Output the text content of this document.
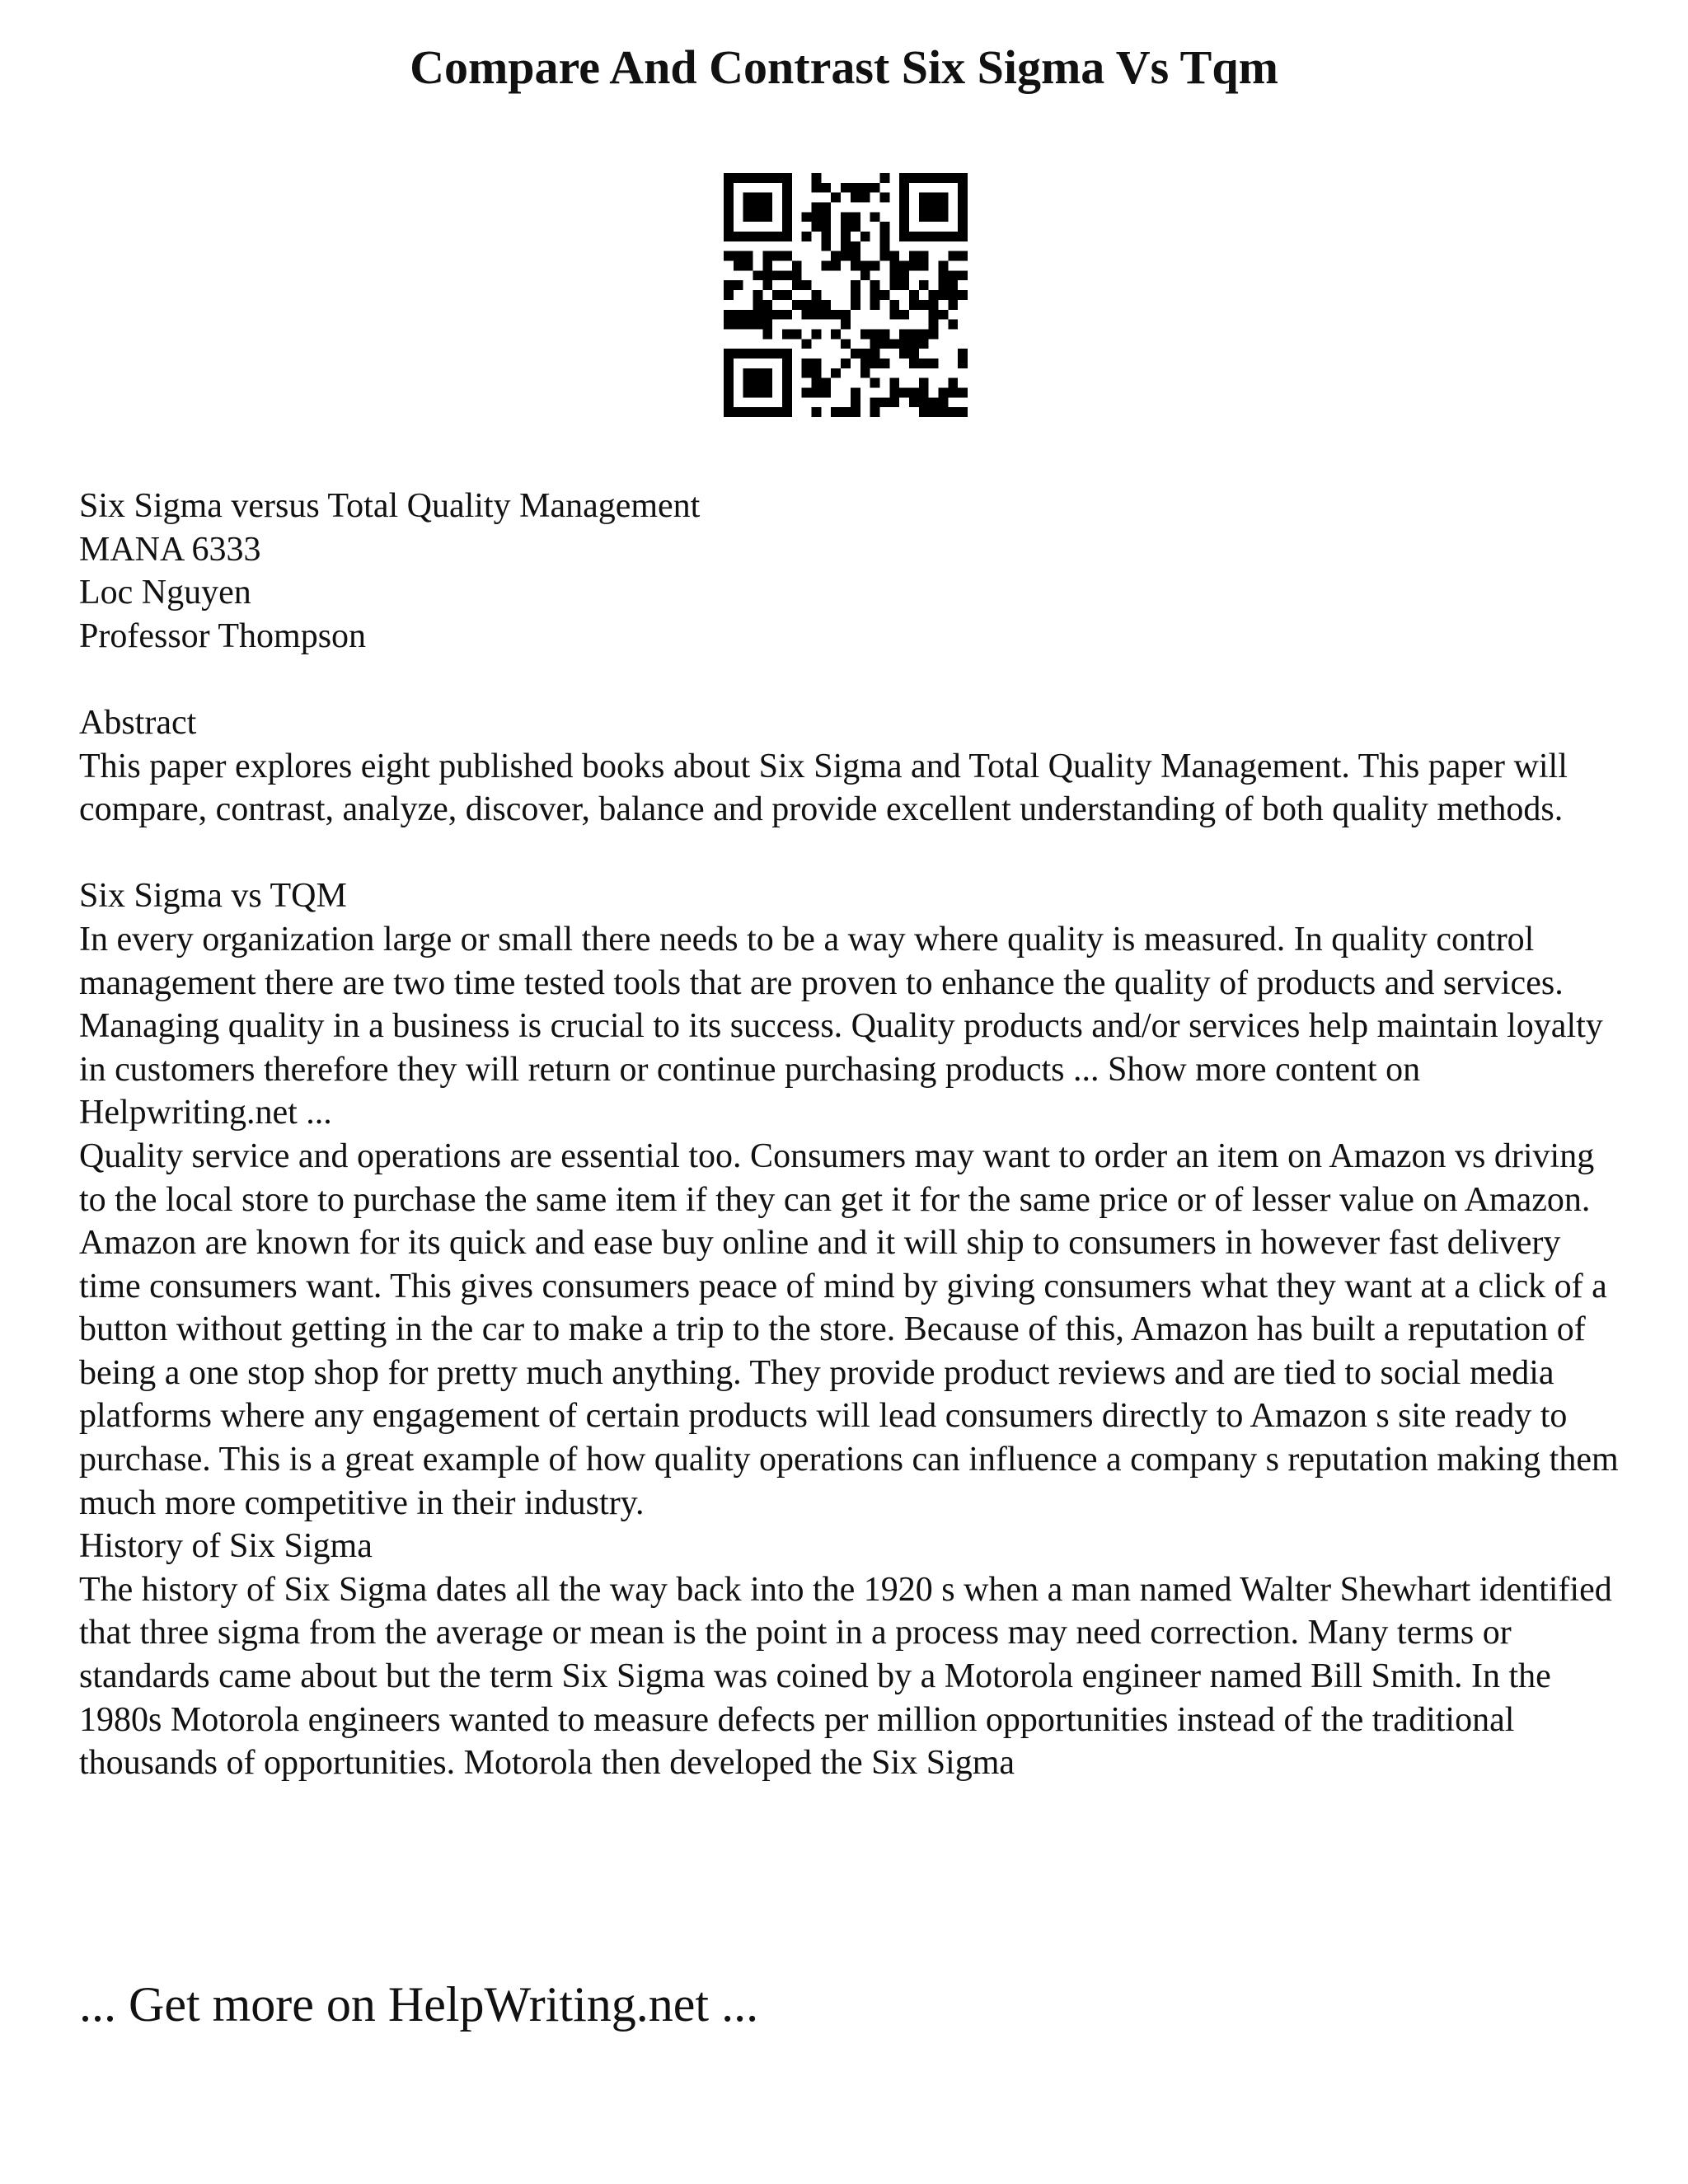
Compare And Contrast Six Sigma Vs Tqm

Six Sigma versus Total Quality Management

MANA 6333

Loc Nguyen

Professor Thompson

Abstract

This paper explores eight published books about Six Sigma and Total Quality Management. This paper will compare, contrast, analyze, discover, balance and provide excellent understanding of both quality methods.

Six Sigma vs TQM

In every organization large or small there needs to be a way where quality is measured. In quality control management there are two time tested tools that are proven to enhance the quality of products and services. Managing quality in a business is crucial to its success. Quality products and/or services help maintain loyalty in customers therefore they will return or continue purchasing products ... Show more content on Helpwriting.net ...

Quality service and operations are essential too. Consumers may want to order an item on Amazon vs driving to the local store to purchase the same item if they can get it for the same price or of lesser value on Amazon. Amazon are known for its quick and ease buy online and it will ship to consumers in however fast delivery time consumers want. This gives consumers peace of mind by giving consumers what they want at a click of a button without getting in the car to make a trip to the store. Because of this, Amazon has built a reputation of being a one stop shop for pretty much anything. They provide product reviews and are tied to social media platforms where any engagement of certain products will lead consumers directly to Amazon s site ready to purchase. This is a great example of how quality operations can influence a company s reputation making them much more competitive in their industry.

History of Six Sigma

The history of Six Sigma dates all the way back into the 1920 s when a man named Walter Shewhart identified that three sigma from the average or mean is the point in a process may need correction. Many terms or standards came about but the term Six Sigma was coined by a Motorola engineer named Bill Smith. In the 1980s Motorola engineers wanted to measure defects per million opportunities instead of the traditional thousands of opportunities. Motorola then developed the Six Sigma

... Get more on HelpWriting.net ...
